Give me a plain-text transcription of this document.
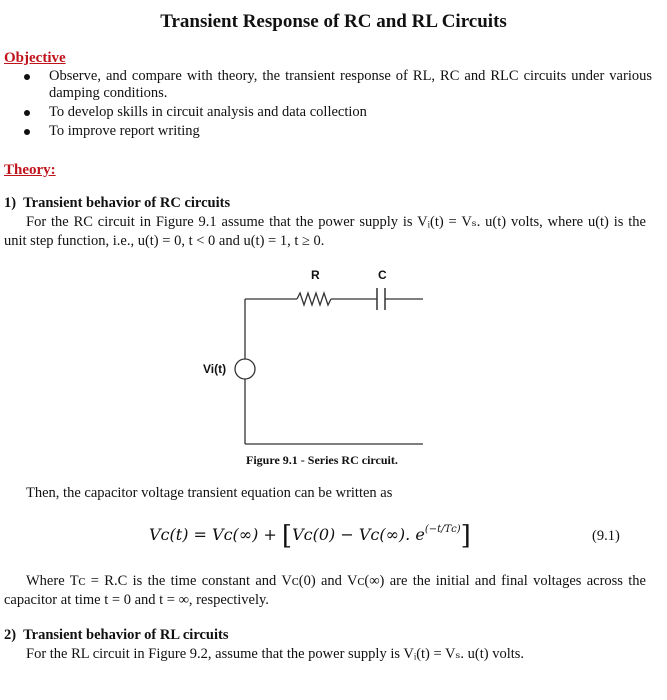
Transient Response of RC and RL Circuits

Objective

Observe, and compare with theory, the transient response of RL, RC and RLC circuits under various damping conditions.
To develop skills in circuit analysis and data collection
To improve report writing

Theory:

1)  Transient behavior of RC circuits

For the RC circuit in Figure 9.1 assume that the power supply is Vᵢ(t) = Vₛ. u(t) volts, where u(t) is the unit step function, i.e., u(t) = 0, t < 0 and u(t) = 1, t ≥ 0.

R	C
Vi(t)
Figure 9.1 - Series RC circuit.

Then, the capacitor voltage transient equation can be written as

Vᴄ(t) = Vᴄ(∞) + [Vᴄ(0) − Vᴄ(∞). $e^{(-t/Tᴄ)}$]	(9.1)

Where Tᴄ = R.C is the time constant and Vᴄ(0) and Vᴄ(∞) are the initial and final voltages across the capacitor at time t = 0 and t = ∞, respectively.

2)  Transient behavior of RL circuits

For the RL circuit in Figure 9.2, assume that the power supply is Vᵢ(t) = Vₛ. u(t) volts.
